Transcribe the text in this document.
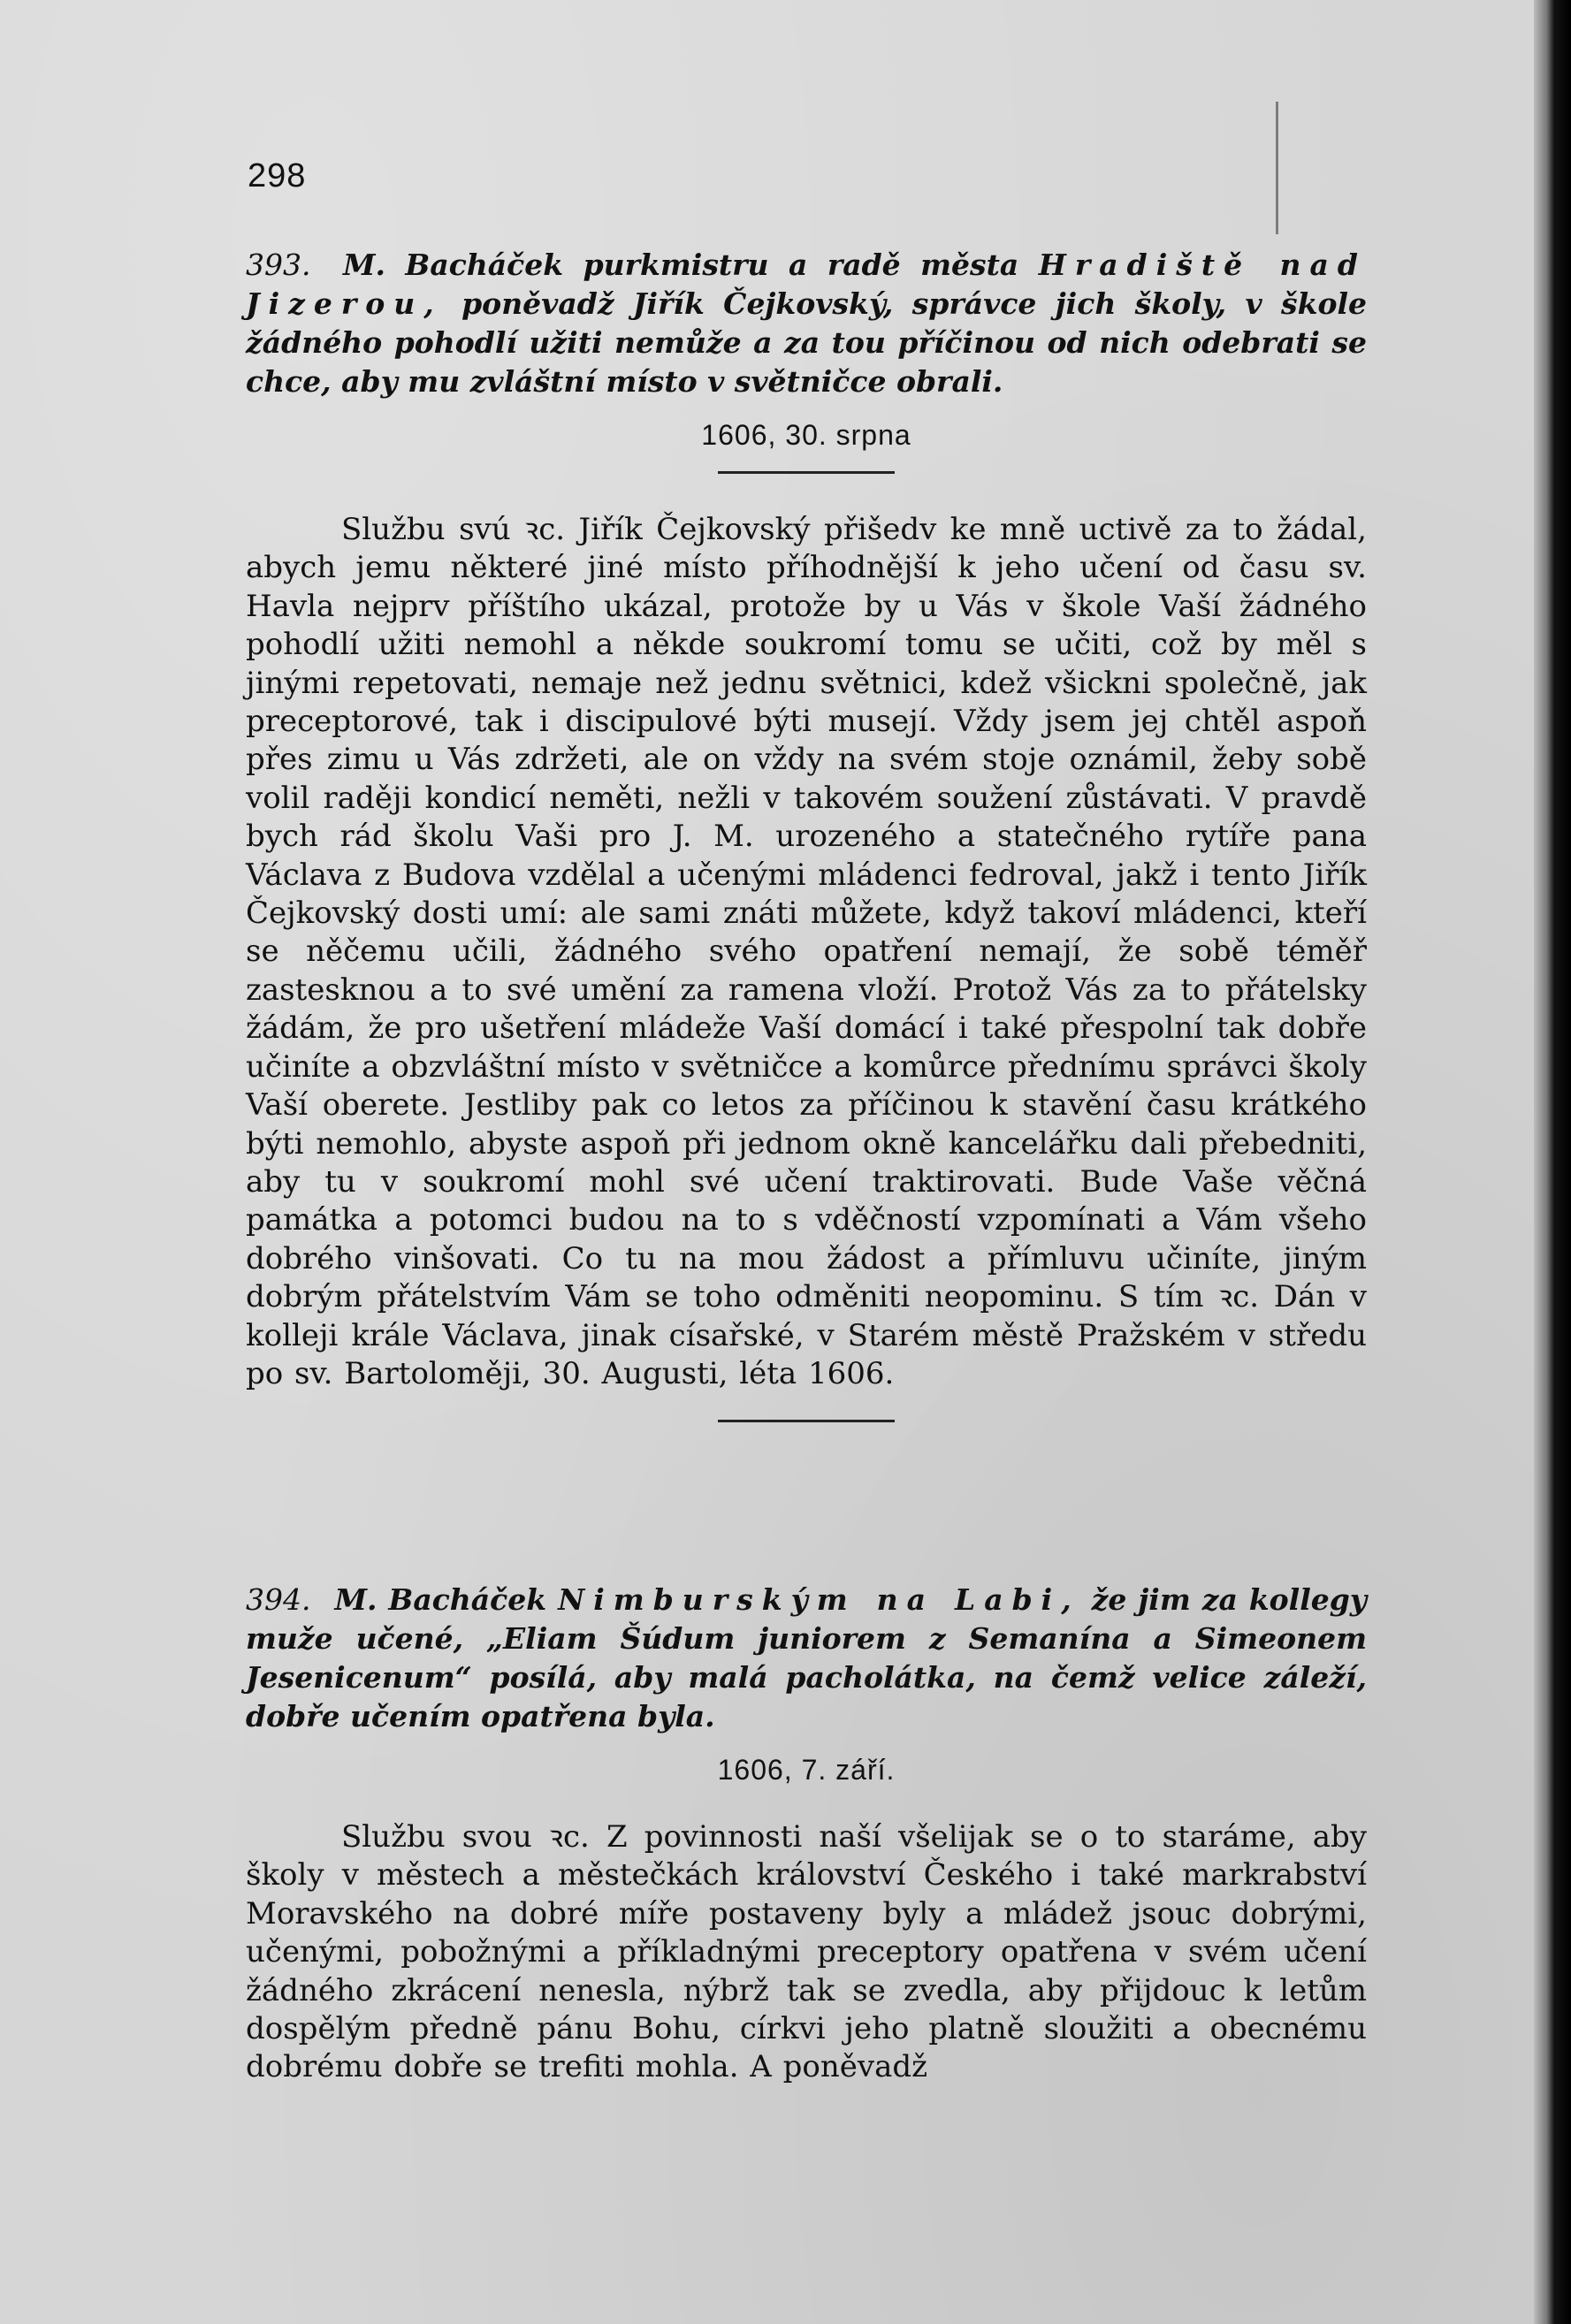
298
393. M. Bacháček purkmistru a radě města Hradiště nad Jizerou, poněvadž Jiřík Čejkovský, správce jich školy, v škole žádného pohodlí užiti nemůže a za tou příčinou od nich odebrati se chce, aby mu zvláštní místo v světničce obrali.
1606, 30. srpna
Službu svú ꝛc. Jiřík Čejkovský přišedv ke mně uctivě za to žádal, abych jemu některé jiné místo příhodnější k jeho učení od času sv. Havla nejprv příštího ukázal, protože by u Vás v škole Vaší žádného pohodlí užiti nemohl a někde soukromí tomu se učiti, což by měl s jinými repetovati, nemaje než jednu světnici, kdež všickni společně, jak preceptorové, tak i discipulové býti musejí. Vždy jsem jej chtěl aspoň přes zimu u Vás zdržeti, ale on vždy na svém stoje oznámil, žeby sobě volil raději kondicí neměti, nežli v takovém soužení zůstávati. V pravdě bych rád školu Vaši pro J. M. urozeného a statečného rytíře pana Václava z Budova vzdělal a učenými mládenci fedroval, jakž i tento Jiřík Čejkovský dosti umí: ale sami znáti můžete, když takoví mládenci, kteří se něčemu učili, žádného svého opatření nemají, že sobě téměř zastesknou a to své umění za ramena vloží. Protož Vás za to přátelsky žádám, že pro ušetření mládeže Vaší domácí i také přespolní tak dobře učiníte a obzvláštní místo v světničce a komůrce přednímu správci školy Vaší oberete. Jestliby pak co letos za příčinou k stavění času krátkého býti nemohlo, abyste aspoň při jednom okně kancelářku dali přebedniti, aby tu v soukromí mohl své učení traktirovati. Bude Vaše věčná památka a potomci budou na to s vděčností vzpomínati a Vám všeho dobrého vinšovati. Co tu na mou žádost a přímluvu učiníte, jiným dobrým přátelstvím Vám se toho odměniti neopominu. S tím ꝛc. Dán v kolleji krále Václava, jinak císařské, v Starém městě Pražském v středu po sv. Bartoloměji, 30. Augusti, léta 1606.
394. M. Bacháček Nimburským na Labi, že jim za kollegy muže učené, „Eliam Šúdum juniorem z Semanína a Simeonem Jesenicenum“ posílá, aby malá pacholátka, na čemž velice záleží, dobře učením opatřena byla.
1606, 7. září.
Službu svou ꝛc. Z povinnosti naší všelijak se o to staráme, aby školy v městech a městečkách království Českého i také markrabství Moravského na dobré míře postaveny byly a mládež jsouc dobrými, učenými, pobožnými a příkladnými preceptory opatřena v svém učení žádného zkrácení nenesla, nýbrž tak se zvedla, aby přijdouc k letům dospělým předně pánu Bohu, církvi jeho platně sloužiti a obecnému dobrému dobře se trefiti mohla. A poněvadž
